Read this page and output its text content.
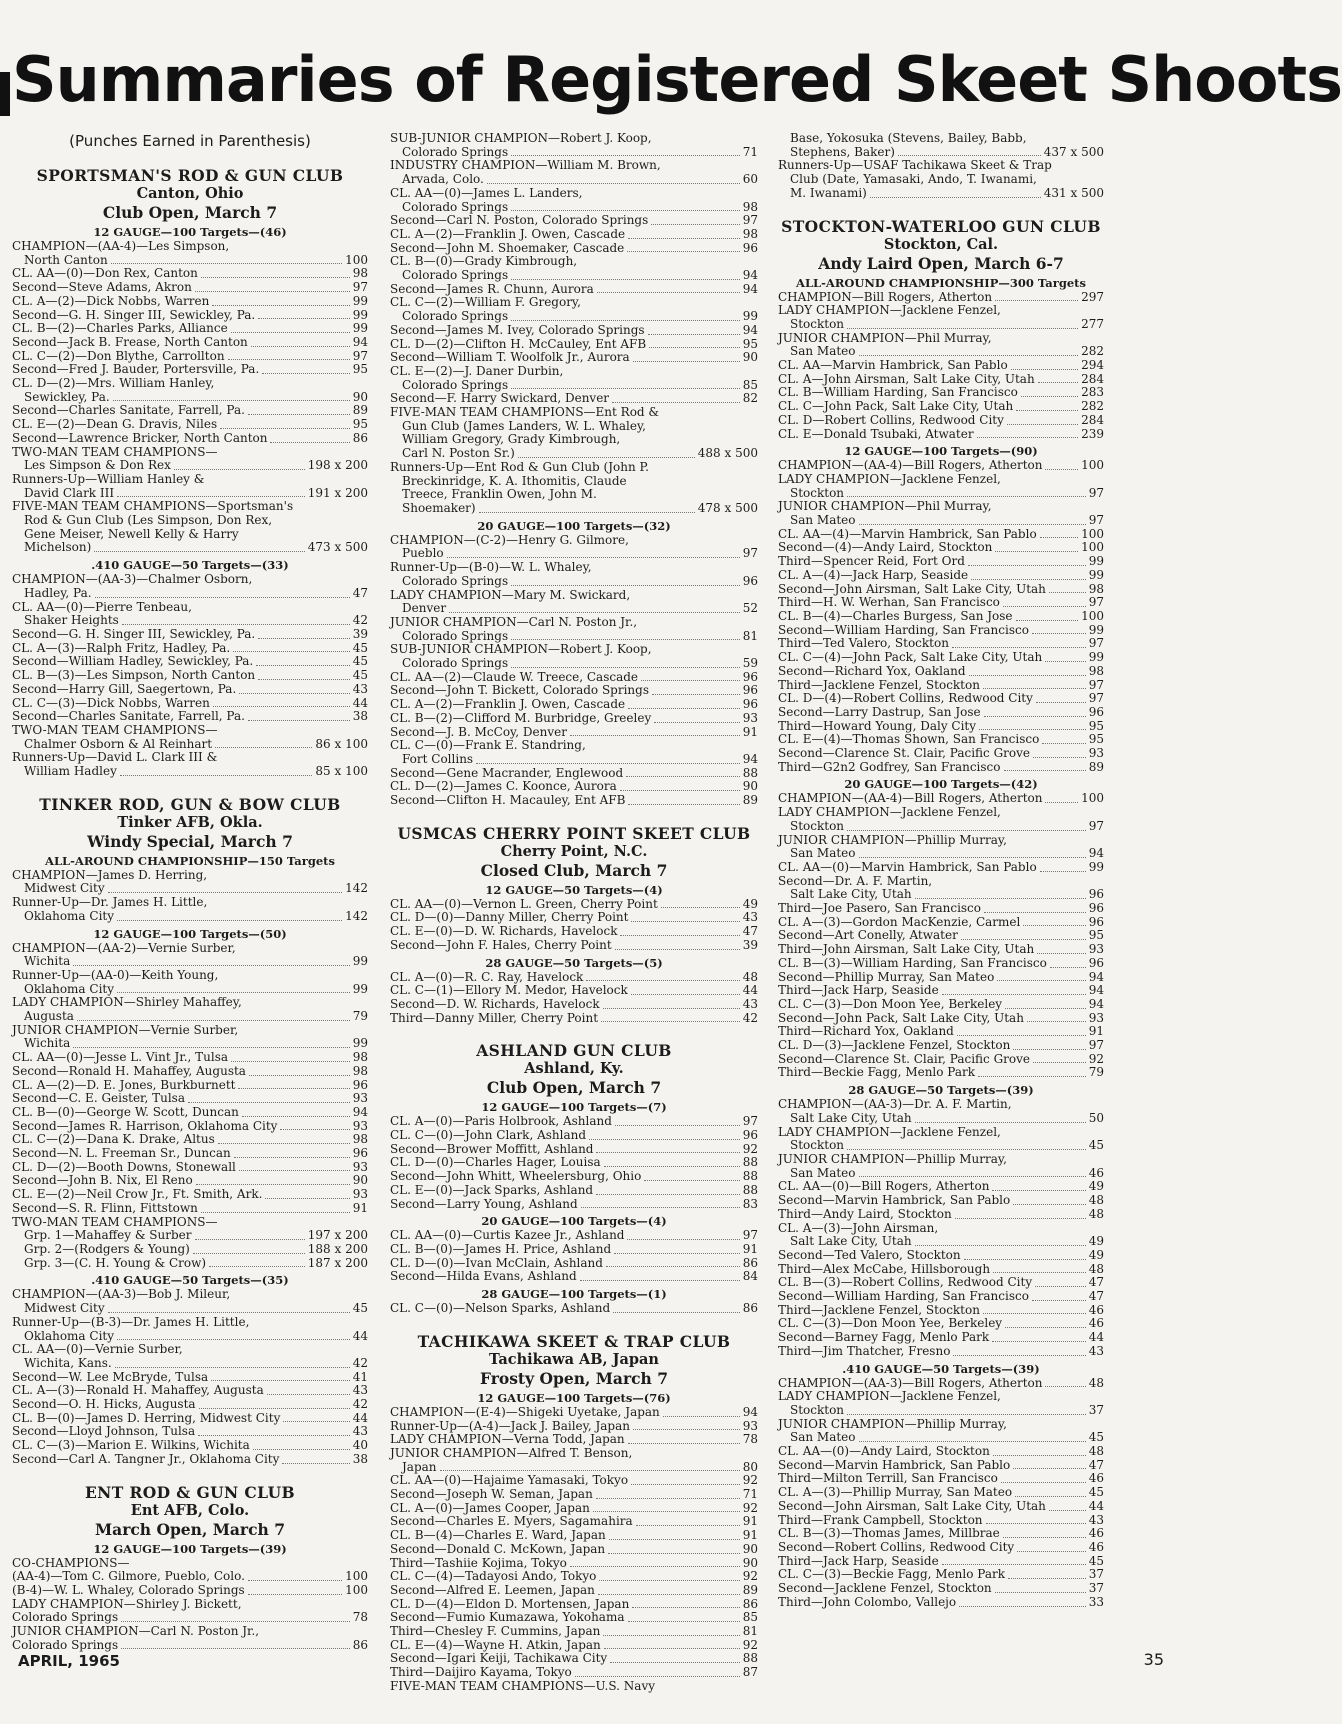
Summaries of Registered Skeet Shoots
(Punches Earned in Parenthesis)
SPORTSMAN'S ROD & GUN CLUB
Canton, Ohio
Club Open, March 7
12 GAUGE—100 Targets—(46)
CHAMPION—(AA-4)—Les Simpson,
North Canton	100
CL. AA—(0)—Don Rex, Canton	98
Second—Steve Adams, Akron	97
CL. A—(2)—Dick Nobbs, Warren	99
Second—G. H. Singer III, Sewickley, Pa.	99
CL. B—(2)—Charles Parks, Alliance	99
Second—Jack B. Frease, North Canton	94
CL. C—(2)—Don Blythe, Carrollton	97
Second—Fred J. Bauder, Portersville, Pa.	95
CL. D—(2)—Mrs. William Hanley,
Sewickley, Pa.	90
Second—Charles Sanitate, Farrell, Pa.	89
CL. E—(2)—Dean G. Dravis, Niles	95
Second—Lawrence Bricker, North Canton	86
TWO-MAN TEAM CHAMPIONS—
Les Simpson & Don Rex	198 x 200
Runners-Up—William Hanley &
David Clark III	191 x 200
FIVE-MAN TEAM CHAMPIONS—Sportsman's
Rod & Gun Club (Les Simpson, Don Rex,
Gene Meiser, Newell Kelly & Harry
Michelson)	473 x 500
.410 GAUGE—50 Targets—(33)
CHAMPION—(AA-3)—Chalmer Osborn,
Hadley, Pa.	47
CL. AA—(0)—Pierre Tenbeau,
Shaker Heights	42
Second—G. H. Singer III, Sewickley, Pa.	39
CL. A—(3)—Ralph Fritz, Hadley, Pa.	45
Second—William Hadley, Sewickley, Pa.	45
CL. B—(3)—Les Simpson, North Canton	45
Second—Harry Gill, Saegertown, Pa.	43
CL. C—(3)—Dick Nobbs, Warren	44
Second—Charles Sanitate, Farrell, Pa.	38
TWO-MAN TEAM CHAMPIONS—
Chalmer Osborn & Al Reinhart	86 x 100
Runners-Up—David L. Clark III &
William Hadley	85 x 100
TINKER ROD, GUN & BOW CLUB
Tinker AFB, Okla.
Windy Special, March 7
ALL-AROUND CHAMPIONSHIP—150 Targets
CHAMPION—James D. Herring,
Midwest City	142
Runner-Up—Dr. James H. Little,
Oklahoma City	142
12 GAUGE—100 Targets—(50)
CHAMPION—(AA-2)—Vernie Surber,
Wichita	99
Runner-Up—(AA-0)—Keith Young,
Oklahoma City	99
LADY CHAMPION—Shirley Mahaffey,
Augusta	79
JUNIOR CHAMPION—Vernie Surber,
Wichita	99
CL. AA—(0)—Jesse L. Vint Jr., Tulsa	98
Second—Ronald H. Mahaffey, Augusta	98
CL. A—(2)—D. E. Jones, Burkburnett	96
Second—C. E. Geister, Tulsa	93
CL. B—(0)—George W. Scott, Duncan	94
Second—James R. Harrison, Oklahoma City	93
CL. C—(2)—Dana K. Drake, Altus	98
Second—N. L. Freeman Sr., Duncan	96
CL. D—(2)—Booth Downs, Stonewall	93
Second—John B. Nix, El Reno	90
CL. E—(2)—Neil Crow Jr., Ft. Smith, Ark.	93
Second—S. R. Flinn, Fittstown	91
TWO-MAN TEAM CHAMPIONS—
Grp. 1—Mahaffey & Surber	197 x 200
Grp. 2—(Rodgers & Young)	188 x 200
Grp. 3—(C. H. Young & Crow)	187 x 200
.410 GAUGE—50 Targets—(35)
CHAMPION—(AA-3)—Bob J. Mileur,
Midwest City	45
Runner-Up—(B-3)—Dr. James H. Little,
Oklahoma City	44
CL. AA—(0)—Vernie Surber,
Wichita, Kans.	42
Second—W. Lee McBryde, Tulsa	41
CL. A—(3)—Ronald H. Mahaffey, Augusta	43
Second—O. H. Hicks, Augusta	42
CL. B—(0)—James D. Herring, Midwest City	44
Second—Lloyd Johnson, Tulsa	43
CL. C—(3)—Marion E. Wilkins, Wichita	40
Second—Carl A. Tangner Jr., Oklahoma City	38
ENT ROD & GUN CLUB
Ent AFB, Colo.
March Open, March 7
12 GAUGE—100 Targets—(39)
CO-CHAMPIONS—
(AA-4)—Tom C. Gilmore, Pueblo, Colo.	100
(B-4)—W. L. Whaley, Colorado Springs	100
LADY CHAMPION—Shirley J. Bickett,
Colorado Springs	78
JUNIOR CHAMPION—Carl N. Poston Jr.,
Colorado Springs	86
SUB-JUNIOR CHAMPION—Robert J. Koop,
Colorado Springs	71
INDUSTRY CHAMPION—William M. Brown,
Arvada, Colo.	60
CL. AA—(0)—James L. Landers,
Colorado Springs	98
Second—Carl N. Poston, Colorado Springs	97
CL. A—(2)—Franklin J. Owen, Cascade	98
Second—John M. Shoemaker, Cascade	96
CL. B—(0)—Grady Kimbrough,
Colorado Springs	94
Second—James R. Chunn, Aurora	94
CL. C—(2)—William F. Gregory,
Colorado Springs	99
Second—James M. Ivey, Colorado Springs	94
CL. D—(2)—Clifton H. McCauley, Ent AFB	95
Second—William T. Woolfolk Jr., Aurora	90
CL. E—(2)—J. Daner Durbin,
Colorado Springs	85
Second—F. Harry Swickard, Denver	82
FIVE-MAN TEAM CHAMPIONS—Ent Rod &
Gun Club (James Landers, W. L. Whaley,
William Gregory, Grady Kimbrough,
Carl N. Poston Sr.)	488 x 500
Runners-Up—Ent Rod & Gun Club (John P.
Breckinridge, K. A. Ithomitis, Claude
Treece, Franklin Owen, John M.
Shoemaker)	478 x 500
20 GAUGE—100 Targets—(32)
CHAMPION—(C-2)—Henry G. Gilmore,
Pueblo	97
Runner-Up—(B-0)—W. L. Whaley,
Colorado Springs	96
LADY CHAMPION—Mary M. Swickard,
Denver	52
JUNIOR CHAMPION—Carl N. Poston Jr.,
Colorado Springs	81
SUB-JUNIOR CHAMPION—Robert J. Koop,
Colorado Springs	59
CL. AA—(2)—Claude W. Treece, Cascade	96
Second—John T. Bickett, Colorado Springs	96
CL. A—(2)—Franklin J. Owen, Cascade	96
CL. B—(2)—Clifford M. Burbridge, Greeley	93
Second—J. B. McCoy, Denver	91
CL. C—(0)—Frank E. Standring,
Fort Collins	94
Second—Gene Macrander, Englewood	88
CL. D—(2)—James C. Koonce, Aurora	90
Second—Clifton H. Macauley, Ent AFB	89
USMCAS CHERRY POINT SKEET CLUB
Cherry Point, N.C.
Closed Club, March 7
12 GAUGE—50 Targets—(4)
CL. AA—(0)—Vernon L. Green, Cherry Point	49
CL. D—(0)—Danny Miller, Cherry Point	43
CL. E—(0)—D. W. Richards, Havelock	47
Second—John F. Hales, Cherry Point	39
28 GAUGE—50 Targets—(5)
CL. A—(0)—R. C. Ray, Havelock	48
CL. C—(1)—Ellory M. Medor, Havelock	44
Second—D. W. Richards, Havelock	43
Third—Danny Miller, Cherry Point	42
ASHLAND GUN CLUB
Ashland, Ky.
Club Open, March 7
12 GAUGE—100 Targets—(7)
CL. A—(0)—Paris Holbrook, Ashland	97
CL. C—(0)—John Clark, Ashland	96
Second—Brower Moffitt, Ashland	92
CL. D—(0)—Charles Hager, Louisa	88
Second—John Whitt, Wheelersburg, Ohio	88
CL. E—(0)—Jack Sparks, Ashland	88
Second—Larry Young, Ashland	83
20 GAUGE—100 Targets—(4)
CL. AA—(0)—Curtis Kazee Jr., Ashland	97
CL. B—(0)—James H. Price, Ashland	91
CL. D—(0)—Ivan McClain, Ashland	86
Second—Hilda Evans, Ashland	84
28 GAUGE—100 Targets—(1)
CL. C—(0)—Nelson Sparks, Ashland	86
TACHIKAWA SKEET & TRAP CLUB
Tachikawa AB, Japan
Frosty Open, March 7
12 GAUGE—100 Targets—(76)
CHAMPION—(E-4)—Shigeki Uyetake, Japan	94
Runner-Up—(A-4)—Jack J. Bailey, Japan	93
LADY CHAMPION—Verna Todd, Japan	78
JUNIOR CHAMPION—Alfred T. Benson,
Japan	80
CL. AA—(0)—Hajaime Yamasaki, Tokyo	92
Second—Joseph W. Seman, Japan	71
CL. A—(0)—James Cooper, Japan	92
Second—Charles E. Myers, Sagamahira	91
CL. B—(4)—Charles E. Ward, Japan	91
Second—Donald C. McKown, Japan	90
Third—Tashiie Kojima, Tokyo	90
CL. C—(4)—Tadayosi Ando, Tokyo	92
Second—Alfred E. Leemen, Japan	89
CL. D—(4)—Eldon D. Mortensen, Japan	86
Second—Fumio Kumazawa, Yokohama	85
Third—Chesley F. Cummins, Japan	81
CL. E—(4)—Wayne H. Atkin, Japan	92
Second—Igari Keiji, Tachikawa City	88
Third—Daijiro Kayama, Tokyo	87
FIVE-MAN TEAM CHAMPIONS—U.S. Navy
Base, Yokosuka (Stevens, Bailey, Babb,
Stephens, Baker)	437 x 500
Runners-Up—USAF Tachikawa Skeet & Trap
Club (Date, Yamasaki, Ando, T. Iwanami,
M. Iwanami)	431 x 500
STOCKTON-WATERLOO GUN CLUB
Stockton, Cal.
Andy Laird Open, March 6-7
ALL-AROUND CHAMPIONSHIP—300 Targets
CHAMPION—Bill Rogers, Atherton	297
LADY CHAMPION—Jacklene Fenzel,
Stockton	277
JUNIOR CHAMPION—Phil Murray,
San Mateo	282
CL. AA—Marvin Hambrick, San Pablo	294
CL. A—John Airsman, Salt Lake City, Utah	284
CL. B—William Harding, San Francisco	283
CL. C—John Pack, Salt Lake City, Utah	282
CL. D—Robert Collins, Redwood City	284
CL. E—Donald Tsubaki, Atwater	239
12 GAUGE—100 Targets—(90)
CHAMPION—(AA-4)—Bill Rogers, Atherton	100
LADY CHAMPION—Jacklene Fenzel,
Stockton	97
JUNIOR CHAMPION—Phil Murray,
San Mateo	97
CL. AA—(4)—Marvin Hambrick, San Pablo	100
Second—(4)—Andy Laird, Stockton	100
Third—Spencer Reid, Fort Ord	99
CL. A—(4)—Jack Harp, Seaside	99
Second—John Airsman, Salt Lake City, Utah	98
Third—H. W. Werhan, San Francisco	97
CL. B—(4)—Charles Burgess, San Jose	100
Second—William Harding, San Francisco	99
Third—Ted Valero, Stockton	97
CL. C—(4)—John Pack, Salt Lake City, Utah	99
Second—Richard Yox, Oakland	98
Third—Jacklene Fenzel, Stockton	97
CL. D—(4)—Robert Collins, Redwood City	97
Second—Larry Dastrup, San Jose	96
Third—Howard Young, Daly City	95
CL. E—(4)—Thomas Shown, San Francisco	95
Second—Clarence St. Clair, Pacific Grove	93
Third—G2n2 Godfrey, San Francisco	89
20 GAUGE—100 Targets—(42)
CHAMPION—(AA-4)—Bill Rogers, Atherton	100
LADY CHAMPION—Jacklene Fenzel,
Stockton	97
JUNIOR CHAMPION—Phillip Murray,
San Mateo	94
CL. AA—(0)—Marvin Hambrick, San Pablo	99
Second—Dr. A. F. Martin,
Salt Lake City, Utah	96
Third—Joe Pasero, San Francisco	96
CL. A—(3)—Gordon MacKenzie, Carmel	96
Second—Art Conelly, Atwater	95
Third—John Airsman, Salt Lake City, Utah	93
CL. B—(3)—William Harding, San Francisco	96
Second—Phillip Murray, San Mateo	94
Third—Jack Harp, Seaside	94
CL. C—(3)—Don Moon Yee, Berkeley	94
Second—John Pack, Salt Lake City, Utah	93
Third—Richard Yox, Oakland	91
CL. D—(3)—Jacklene Fenzel, Stockton	97
Second—Clarence St. Clair, Pacific Grove	92
Third—Beckie Fagg, Menlo Park	79
28 GAUGE—50 Targets—(39)
CHAMPION—(AA-3)—Dr. A. F. Martin,
Salt Lake City, Utah	50
LADY CHAMPION—Jacklene Fenzel,
Stockton	45
JUNIOR CHAMPION—Phillip Murray,
San Mateo	46
CL. AA—(0)—Bill Rogers, Atherton	49
Second—Marvin Hambrick, San Pablo	48
Third—Andy Laird, Stockton	48
CL. A—(3)—John Airsman,
Salt Lake City, Utah	49
Second—Ted Valero, Stockton	49
Third—Alex McCabe, Hillsborough	48
CL. B—(3)—Robert Collins, Redwood City	47
Second—William Harding, San Francisco	47
Third—Jacklene Fenzel, Stockton	46
CL. C—(3)—Don Moon Yee, Berkeley	46
Second—Barney Fagg, Menlo Park	44
Third—Jim Thatcher, Fresno	43
.410 GAUGE—50 Targets—(39)
CHAMPION—(AA-3)—Bill Rogers, Atherton	48
LADY CHAMPION—Jacklene Fenzel,
Stockton	37
JUNIOR CHAMPION—Phillip Murray,
San Mateo	45
CL. AA—(0)—Andy Laird, Stockton	48
Second—Marvin Hambrick, San Pablo	47
Third—Milton Terrill, San Francisco	46
CL. A—(3)—Phillip Murray, San Mateo	45
Second—John Airsman, Salt Lake City, Utah	44
Third—Frank Campbell, Stockton	43
CL. B—(3)—Thomas James, Millbrae	46
Second—Robert Collins, Redwood City	46
Third—Jack Harp, Seaside	45
CL. C—(3)—Beckie Fagg, Menlo Park	37
Second—Jacklene Fenzel, Stockton	37
Third—John Colombo, Vallejo	33
APRIL, 1965	35
